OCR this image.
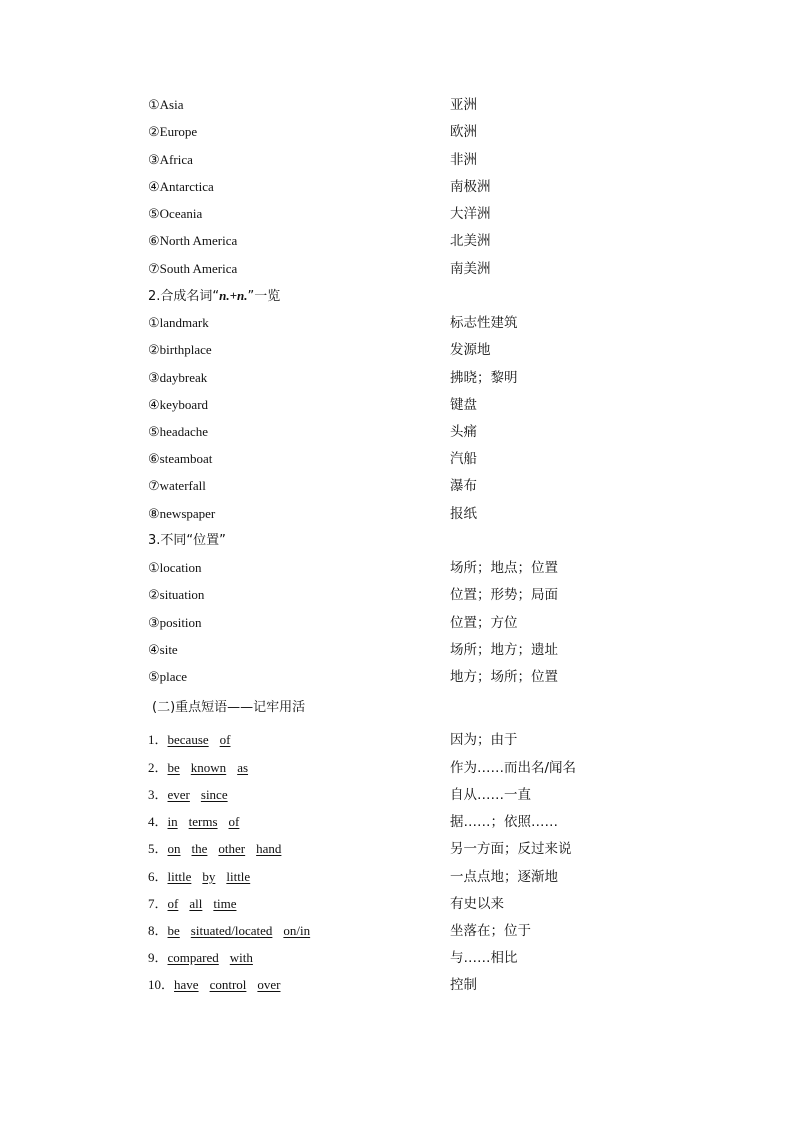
①Asia	亚洲
②Europe	欧洲
③Africa	非洲
④Antarctica	南极洲
⑤Oceania	大洋洲
⑥North America	北美洲
⑦South America	南美洲
2.合成名词“n.+n.”一览
①landmark	标志性建筑
②birthplace	发源地
③daybreak	拂晓；黎明
④keyboard	键盘
⑤headache	头痛
⑥steamboat	汽船
⑦waterfall	瀑布
⑧newspaper	报纸
3.不同“位置”
①location	场所；地点；位置
②situation	位置；形势；局面
③position	位置；方位
④site	场所；地方；遗址
⑤place	地方；场所；位置
(二)重点短语——记牢用活
1．because of	因为；由于
2．be known as	作为……而出名/闻名
3．ever since	自从……一直
4．in terms of	据……；依照……
5．on the other hand	另一方面；反过来说
6．little by little	一点点地；逐渐地
7．of all time	有史以来
8．be situated/located on/in	坐落在；位于
9．compared with	与……相比
10．have control over	控制
